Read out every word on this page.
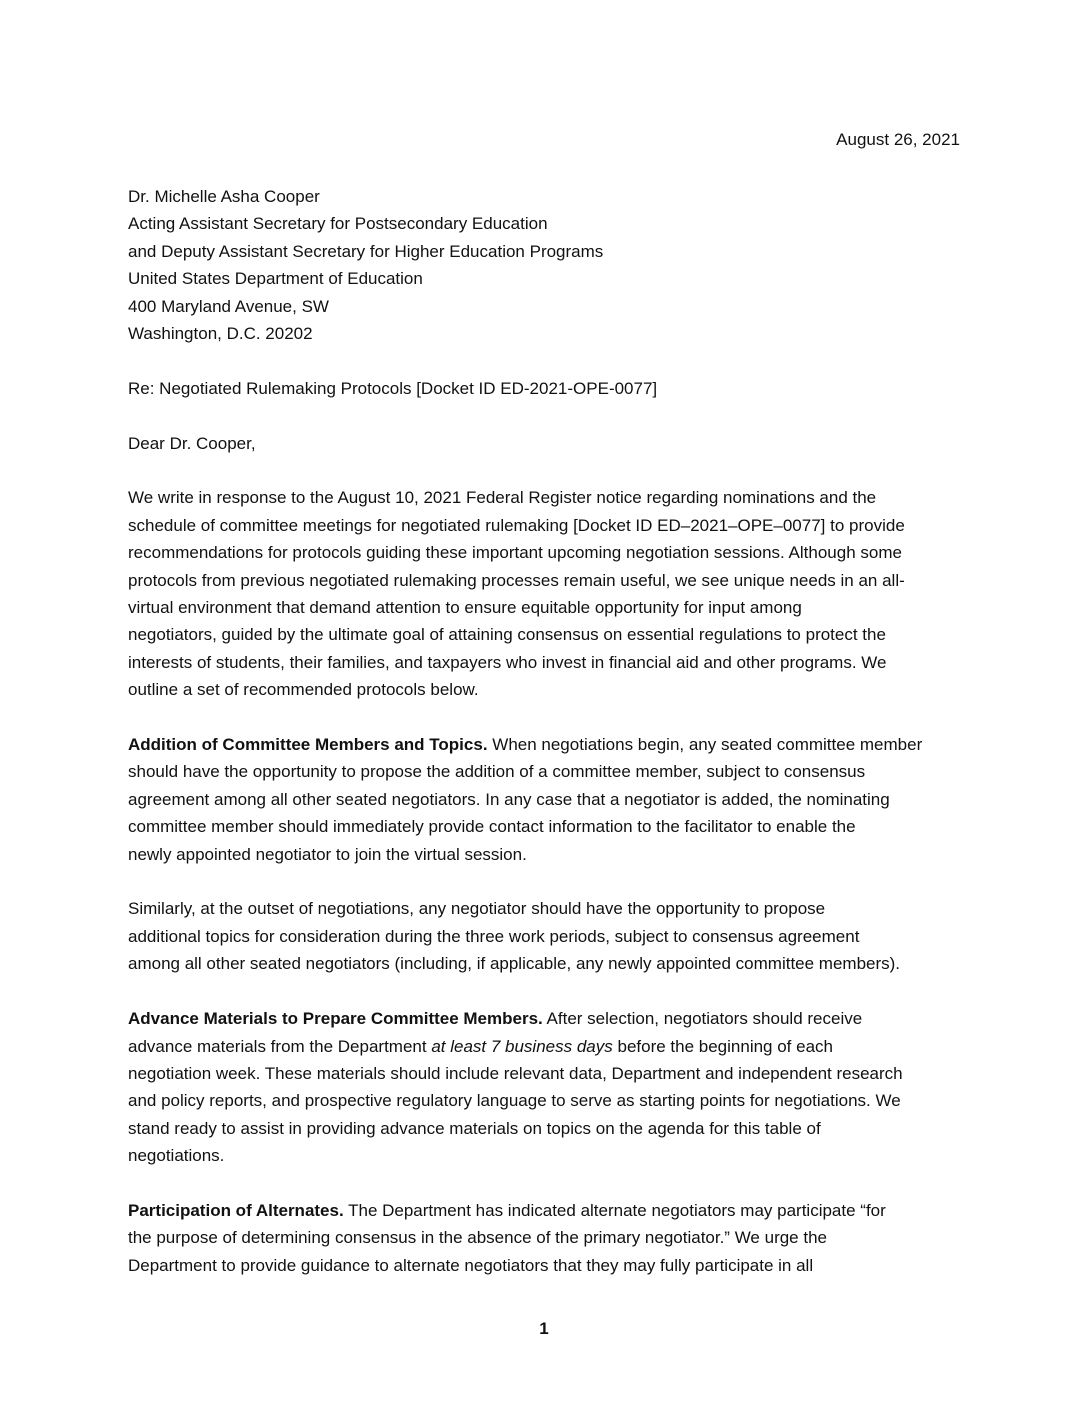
August 26, 2021
Dr. Michelle Asha Cooper
Acting Assistant Secretary for Postsecondary Education
and Deputy Assistant Secretary for Higher Education Programs
United States Department of Education
400 Maryland Avenue, SW
Washington, D.C. 20202
Re: Negotiated Rulemaking Protocols [Docket ID ED-2021-OPE-0077]
Dear Dr. Cooper,
We write in response to the August 10, 2021 Federal Register notice regarding nominations and the
schedule of committee meetings for negotiated rulemaking [Docket ID ED–2021–OPE–0077] to provide
recommendations for protocols guiding these important upcoming negotiation sessions. Although some
protocols from previous negotiated rulemaking processes remain useful, we see unique needs in an all-
virtual environment that demand attention to ensure equitable opportunity for input among
negotiators, guided by the ultimate goal of attaining consensus on essential regulations to protect the
interests of students, their families, and taxpayers who invest in financial aid and other programs. We
outline a set of recommended protocols below.
Addition of Committee Members and Topics. When negotiations begin, any seated committee member
should have the opportunity to propose the addition of a committee member, subject to consensus
agreement among all other seated negotiators. In any case that a negotiator is added, the nominating
committee member should immediately provide contact information to the facilitator to enable the
newly appointed negotiator to join the virtual session.
Similarly, at the outset of negotiations, any negotiator should have the opportunity to propose
additional topics for consideration during the three work periods, subject to consensus agreement
among all other seated negotiators (including, if applicable, any newly appointed committee members).
Advance Materials to Prepare Committee Members. After selection, negotiators should receive
advance materials from the Department at least 7 business days before the beginning of each
negotiation week. These materials should include relevant data, Department and independent research
and policy reports, and prospective regulatory language to serve as starting points for negotiations. We
stand ready to assist in providing advance materials on topics on the agenda for this table of
negotiations.
Participation of Alternates. The Department has indicated alternate negotiators may participate “for
the purpose of determining consensus in the absence of the primary negotiator.” We urge the
Department to provide guidance to alternate negotiators that they may fully participate in all
1
